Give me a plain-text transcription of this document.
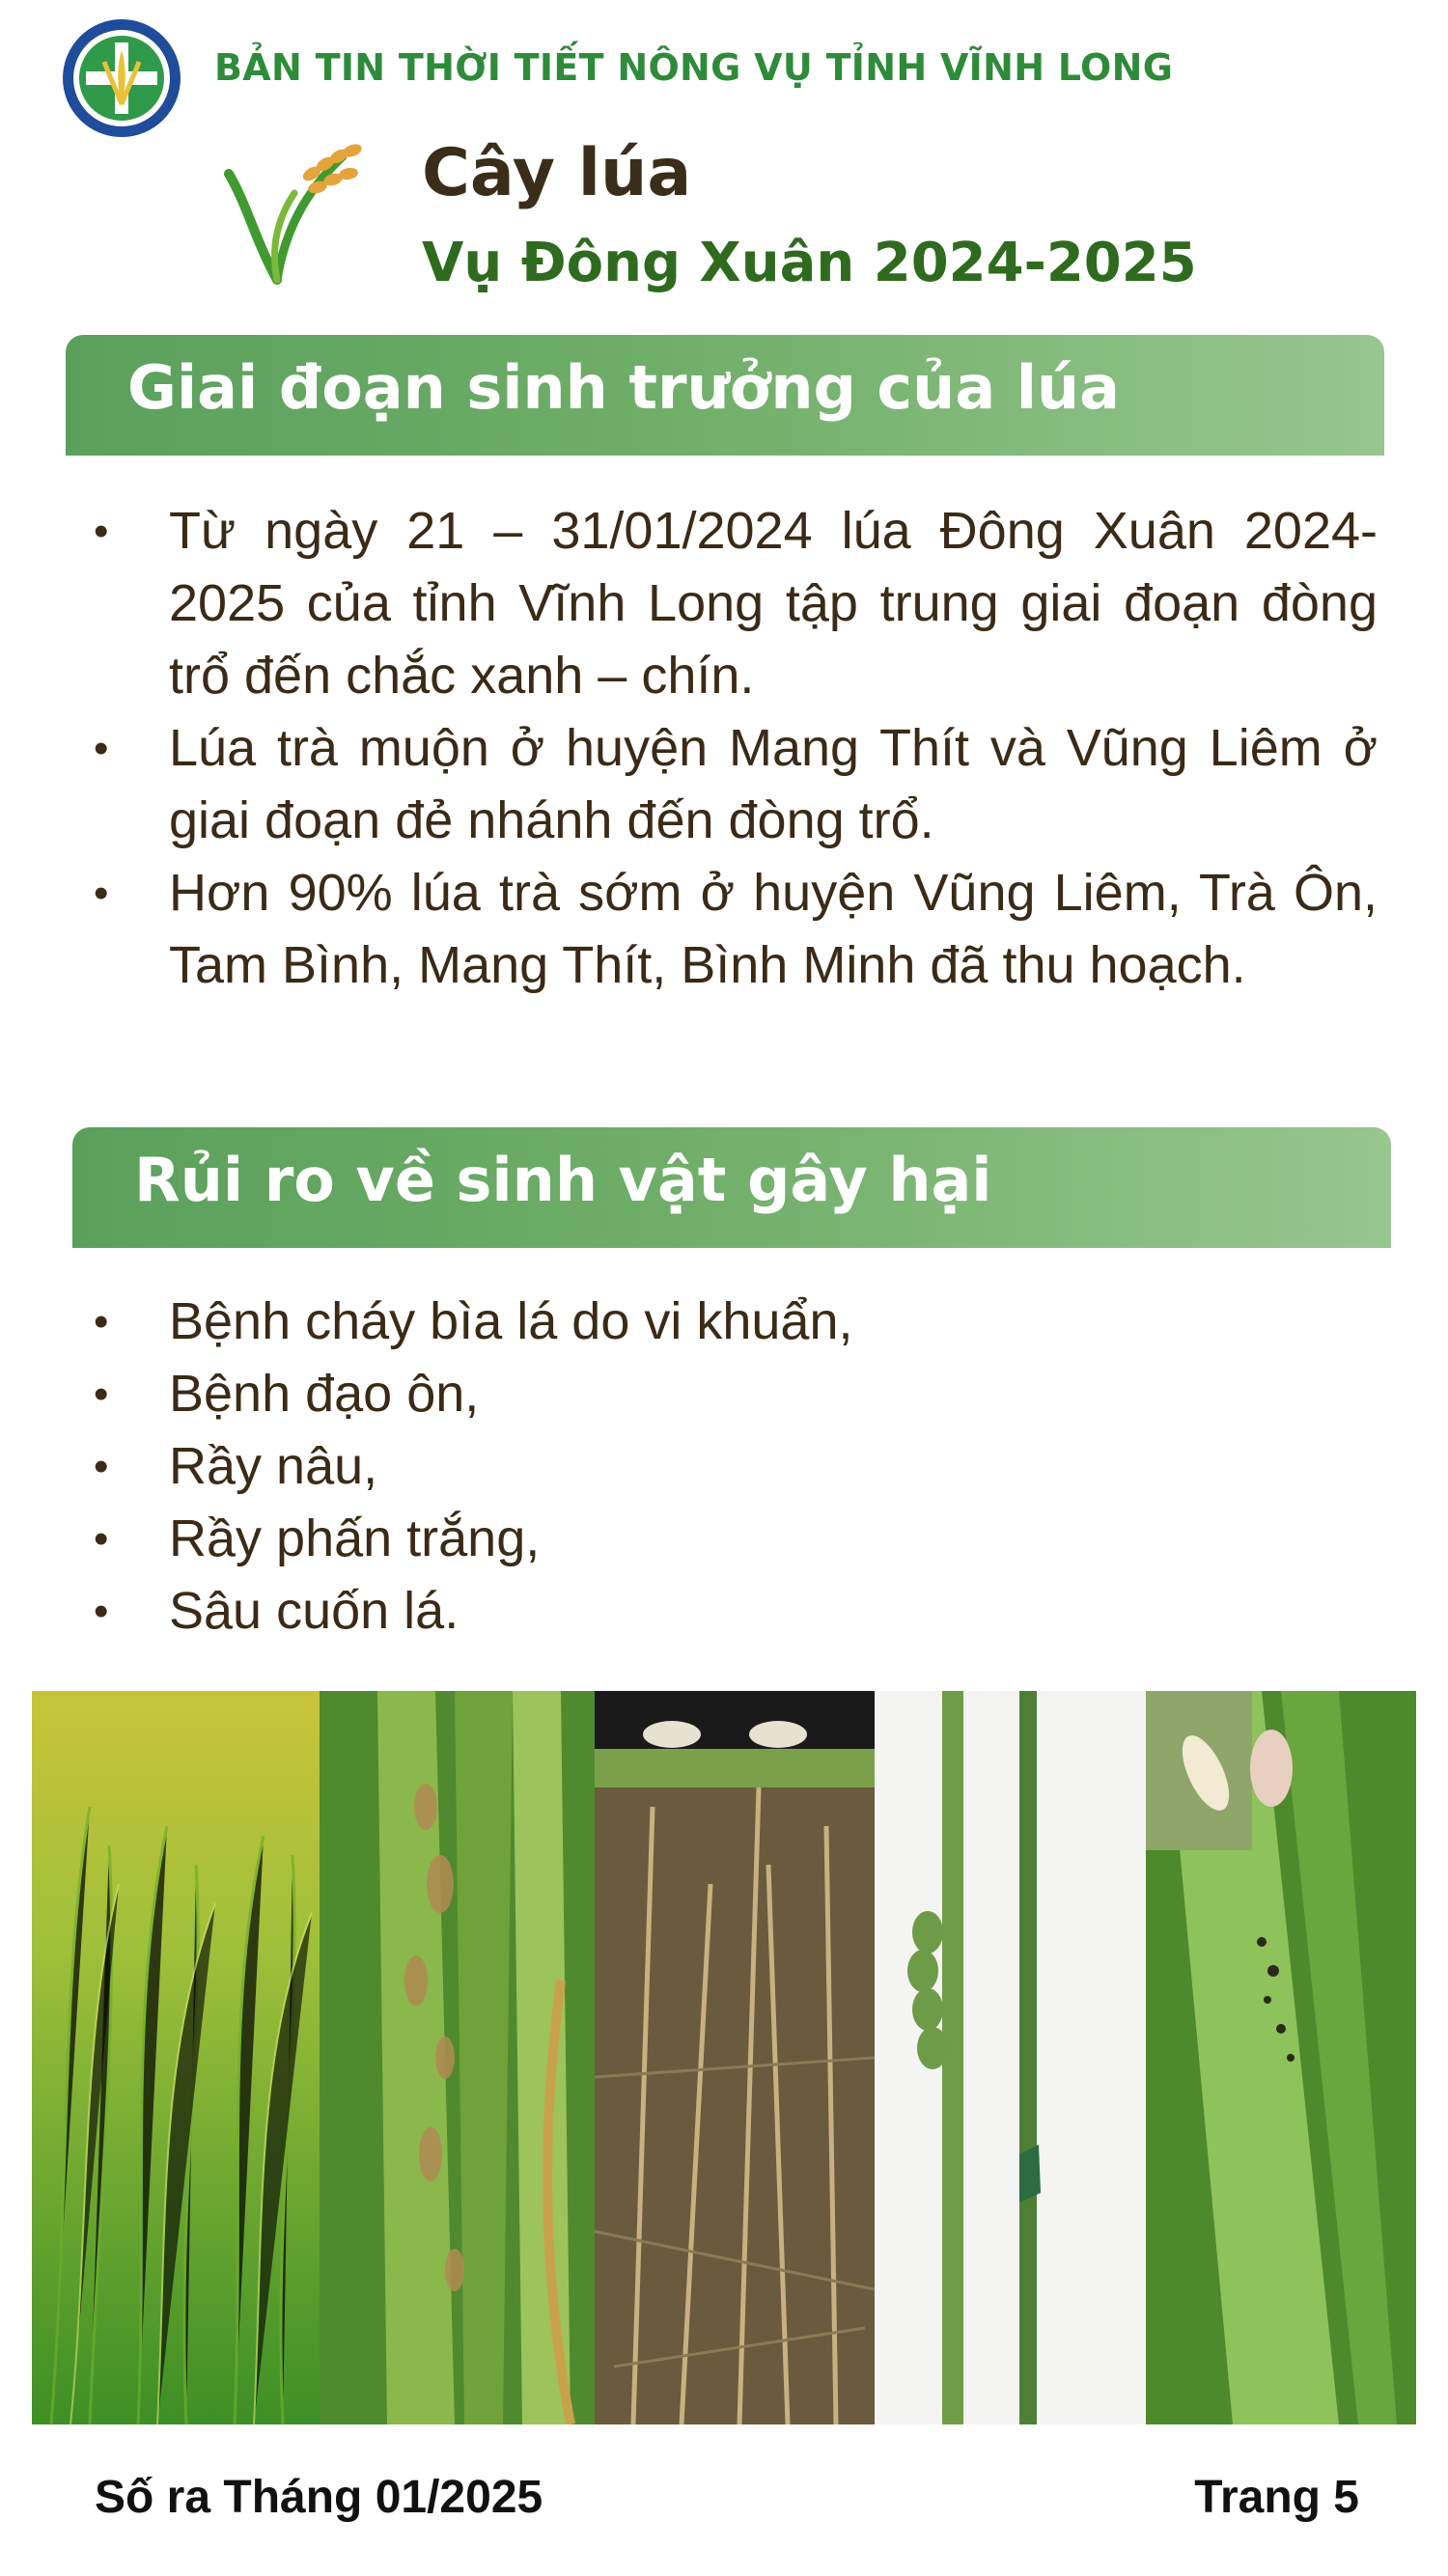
BẢN TIN THỜI TIẾT NÔNG VỤ TỈNH VĨNH LONG
Cây lúa
Vụ Đông Xuân 2024-2025
Giai đoạn sinh trưởng của lúa
• Từ ngày 21 – 31/01/2024 lúa Đông Xuân 2024-2025 của tỉnh Vĩnh Long tập trung giai đoạn đòng trổ đến chắc xanh – chín.
• Lúa trà muộn ở huyện Mang Thít và Vũng Liêm ở giai đoạn đẻ nhánh đến đòng trổ.
• Hơn 90% lúa trà sớm ở huyện Vũng Liêm, Trà Ôn, Tam Bình, Mang Thít, Bình Minh đã thu hoạch.
Rủi ro về sinh vật gây hại
• Bệnh cháy bìa lá do vi khuẩn,
• Bệnh đạo ôn,
• Rầy nâu,
• Rầy phấn trắng,
• Sâu cuốn lá.
Số ra Tháng 01/2025	Trang 5
